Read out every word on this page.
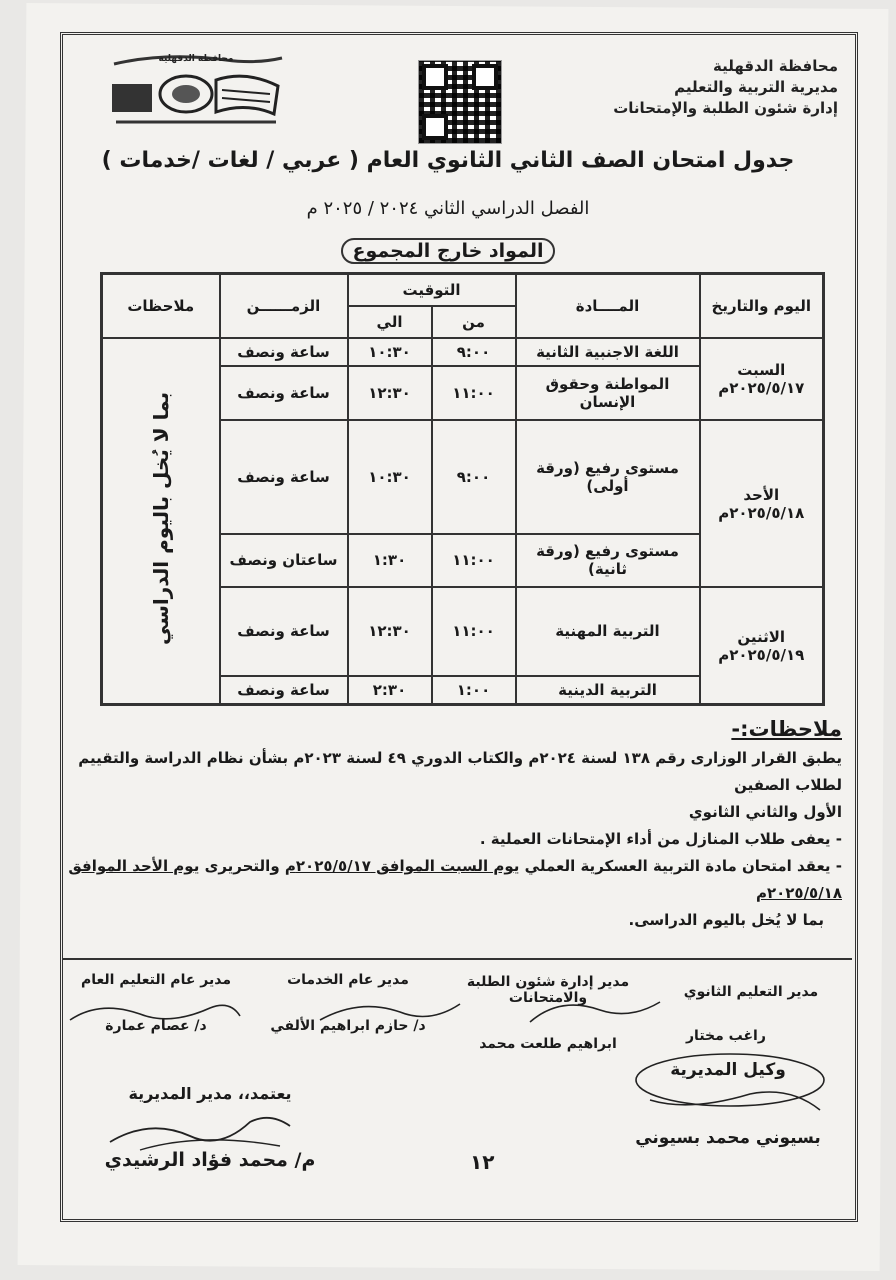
محافظة الدقهلية	محافظة الدقهلية
مديرية التربية والتعليم
إدارة شئون الطلبة والإمتحانات
جدول امتحان الصف الثاني الثانوي العام ( عربي / لغات /خدمات )
الفصل الدراسي الثاني ٢٠٢٤ / ٢٠٢٥ م
المواد خارج المجموع
اليوم والتاريخ	المــــادة	التوقيت		الزمــــــن	ملاحظات
		من	الي		

السبت
٢٠٢٥/٥/١٧م	اللغة الاجنبية الثانية	٩:٠٠	١٠:٣٠	ساعة ونصف	بما لا يُخل باليوم الدراسي
	المواطنة وحقوق الإنسان	١١:٠٠	١٢:٣٠	ساعة ونصف	

الأحد
٢٠٢٥/٥/١٨م	مستوى رفيع (ورقة أولى)	٩:٠٠	١٠:٣٠	ساعة ونصف	
	مستوى رفيع (ورقة ثانية)	١١:٠٠	١:٣٠	ساعتان ونصف	

الاثنين
٢٠٢٥/٥/١٩م	التربية المهنية	١١:٠٠	١٢:٣٠	ساعة ونصف	
	التربية الدينية	١:٠٠	٢:٣٠	ساعة ونصف	
ملاحظات:-

يطبق القرار الوزارى رقم ١٣٨ لسنة ٢٠٢٤م والكتاب الدوري ٤٩ لسنة ٢٠٢٣م بشأن نظام الدراسة والتقييم لطلاب الصفين

الأول والثاني الثانوي

- يعفى طلاب المنازل من أداء الإمتحانات العملية .

- يعقد امتحان مادة التربية العسكرية العملي يوم السبت الموافق ٢٠٢٥/٥/١٧م والتحريرى يوم الأحد الموافق ٢٠٢٥/٥/١٨م

بما لا يُخل باليوم الدراسى.

مدير التعليم الثانوي
راغب مختار
مدير إدارة شئون الطلبة والامتحانات
ابراهيم طلعت محمد
مدير عام الخدمات
د/ حازم ابراهيم الألفي
مدير عام التعليم العام
د/ عصام عمارة
وكيل المديرية
بسيوني محمد بسيوني
يعتمد،، مدير المديرية
م/ محمد فؤاد الرشيدي	١٢
